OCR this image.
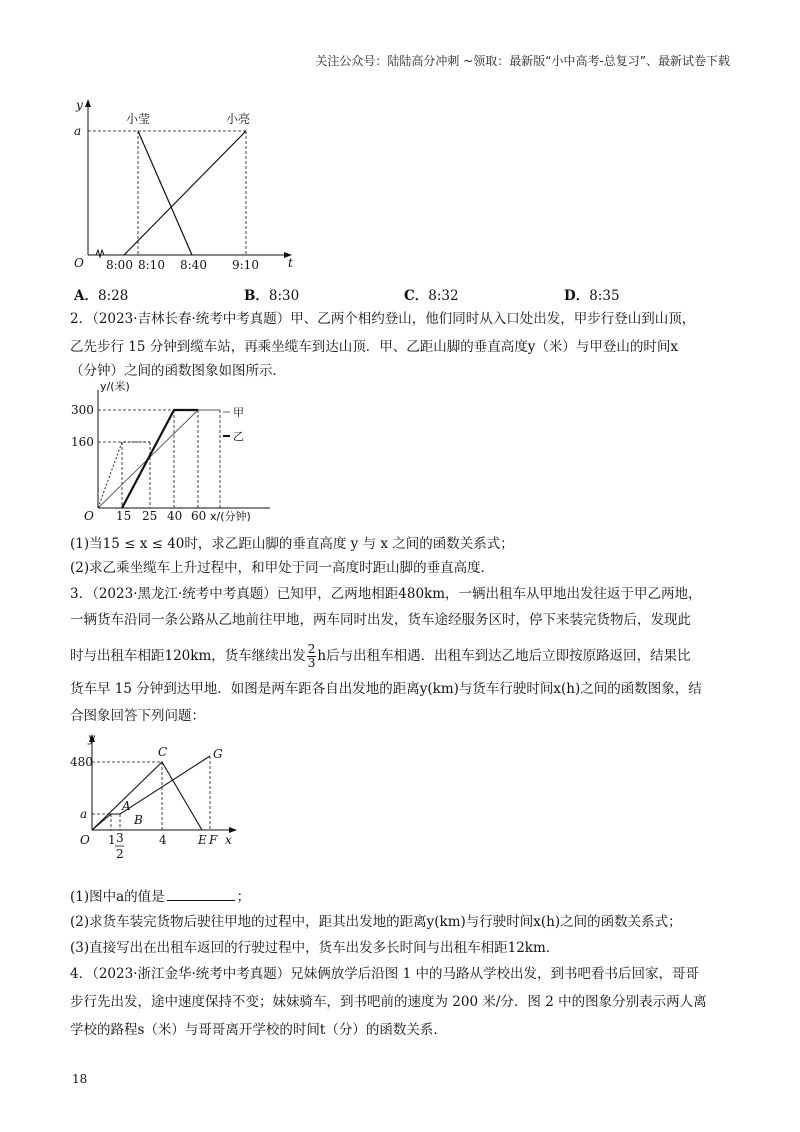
关注公众号：陆陆高分冲刺 ~领取：最新版“小中高考-总复习”、最新试卷下载
y
a
O	t
小莹	小亮
8:00 8:10 8:40 9:10
A．8:28	B．8:30	C．8:32	D．8:35
2．（2023·吉林长春·统考中考真题）甲、乙两个相约登山，他们同时从入口处出发，甲步行登山到山顶，
乙先步行 15 分钟到缆车站，再乘坐缆车到达山顶．甲、乙距山脚的垂直高度y（米）与甲登山的时间x
（分钟）之间的函数图象如图所示．
甲
乙
y/(米)
300
160
O 15 25 40 60 x/(分钟)
(1)当15 ≤ x ≤ 40时，求乙距山脚的垂直高度 y 与 x 之间的函数关系式；
(2)求乙乘坐缆车上升过程中，和甲处于同一高度时距山脚的垂直高度．
3．（2023·黑龙江·统考中考真题）已知甲，乙两地相距480km，一辆出租车从甲地出发往返于甲乙两地，
一辆货车沿同一条公路从乙地前往甲地，两车同时出发，货车途经服务区时，停下来装完货物后，发现此
时与出租车相距120km，货车继续出发 $\frac{2}{3}$ h后与出租车相遇．出租车到达乙地后立即按原路返回，结果比
货车早 15 分钟到达甲地．如图是两车距各自出发地的距离y(km)与货车行驶时间x(h)之间的函数图象，结
合图象回答下列问题：
y
480
a
C	G
A
B
O 1 3
2
4	E F x
(1)图中a的值是	；
(2)求货车装完货物后驶往甲地的过程中，距其出发地的距离y(km)与行驶时间x(h)之间的函数关系式；
(3)直接写出在出租车返回的行驶过程中，货车出发多长时间与出租车相距12km．
4．（2023·浙江金华·统考中考真题）兄妹俩放学后沿图 1 中的马路从学校出发，到书吧看书后回家，哥哥
步行先出发，途中速度保持不变；妹妹骑车，到书吧前的速度为 200 米/分．图 2 中的图象分别表示两人离
学校的路程s（米）与哥哥离开学校的时间t（分）的函数关系．
18
